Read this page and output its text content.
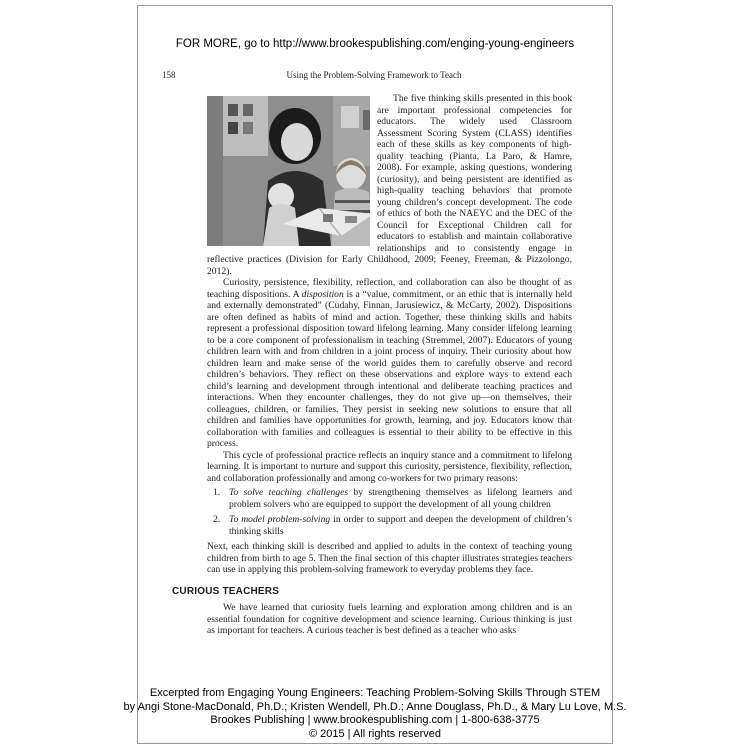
FOR MORE, go to http://www.brookespublishing.com/enging-young-engineers
158	Using the Problem-Solving Framework to Teach

The five thinking skills presented in this book are important professional competencies for educators. The widely used Classroom Assessment Scoring System (CLASS) identifies each of these skills as key components of high-quality teaching (Pianta, La Paro, & Hamre, 2008). For example, asking questions, wondering (curiosity), and being persistent are identified as high-quality teaching behaviors that promote young children’s concept development. The code of ethics of both the NAEYC and the DEC of the Council for Exceptional Children call for educators to establish and maintain collaborative relationships and to consistently engage in reflective practices (Division for Early Childhood, 2009; Feeney, Freeman, & Pizzolongo, 2012).

Curiosity, persistence, flexibility, reflection, and collaboration can also be thought of as teaching dispositions. A disposition is a “value, commitment, or an ethic that is internally held and externally demonstrated” (Cudahy, Finnan, Jarusiewicz, & McCarty, 2002). Dispositions are often defined as habits of mind and action. Together, these thinking skills and habits represent a professional disposition toward lifelong learning. Many consider lifelong learning to be a core component of professionalism in teaching (Stremmel, 2007). Educators of young children learn with and from children in a joint process of inquiry. Their curiosity about how children learn and make sense of the world guides them to carefully observe and record children’s behaviors. They reflect on these observations and explore ways to extend each child’s learning and development through intentional and deliberate teaching practices and interactions. When they encounter challenges, they do not give up—on themselves, their colleagues, children, or families. They persist in seeking new solutions to ensure that all children and families have opportunities for growth, learning, and joy. Educators know that collaboration with families and colleagues is essential to their ability to be effective in this process.

This cycle of professional practice reflects an inquiry stance and a commitment to lifelong learning. It is important to nurture and support this curiosity, persistence, flexibility, reflection, and collaboration professionally and among co-workers for two primary reasons:

1. To solve teaching challenges by strengthening themselves as lifelong learners and problem solvers who are equipped to support the development of all young children
2. To model problem-solving in order to support and deepen the development of children’s thinking skills

Next, each thinking skill is described and applied to adults in the context of teaching young children from birth to age 5. Then the final section of this chapter illustrates strategies teachers can use in applying this problem-solving framework to everyday problems they face.

CURIOUS TEACHERS

We have learned that curiosity fuels learning and exploration among children and is an essential foundation for cognitive development and science learning. Curious thinking is just as important for teachers. A curious teacher is best defined as a teacher who asks

Excerpted from Engaging Young Engineers: Teaching Problem-Solving Skills Through STEM
by Angi Stone-MacDonald, Ph.D.; Kristen Wendell, Ph.D.; Anne Douglass, Ph.D., & Mary Lu Love, M.S.
Brookes Publishing | www.brookespublishing.com | 1-800-638-3775
© 2015 | All rights reserved
